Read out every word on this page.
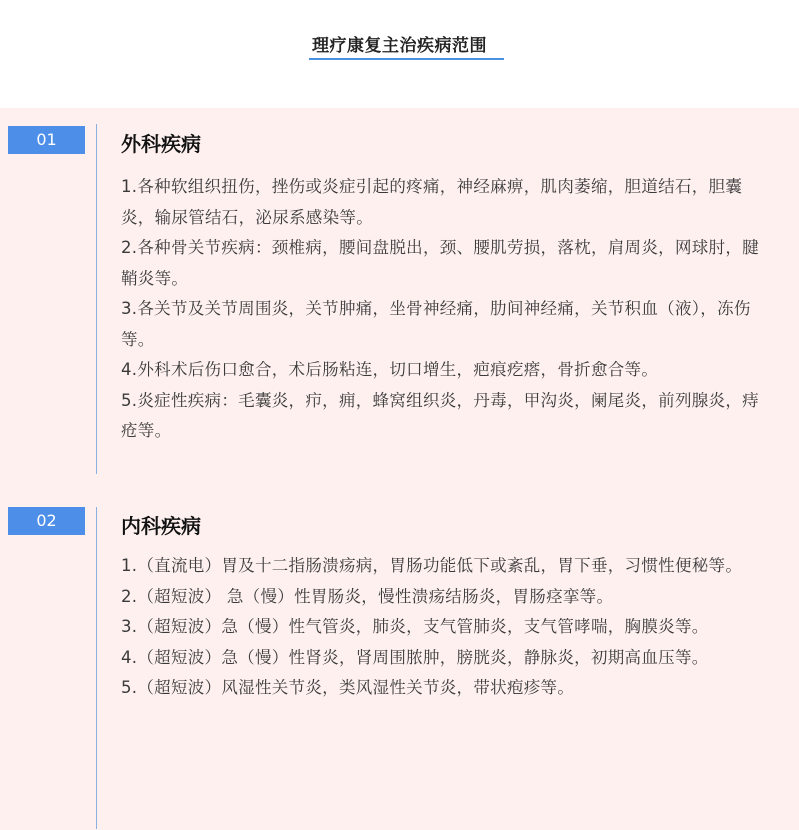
理疗康复主治疾病范围
01	外科疾病
1.各种软组织扭伤，挫伤或炎症引起的疼痛，神经麻痹，肌肉萎缩，胆道结石，胆囊炎，输尿管结石，泌尿系感染等。
2.各种骨关节疾病：颈椎病，腰间盘脱出，颈、腰肌劳损，落枕，肩周炎，网球肘，腱鞘炎等。
3.各关节及关节周围炎，关节肿痛，坐骨神经痛，肋间神经痛，关节积血（液），冻伤等。
4.外科术后伤口愈合，术后肠粘连，切口增生，疤痕疙瘩，骨折愈合等。
5.炎症性疾病：毛囊炎，疖，痈，蜂窝组织炎，丹毒，甲沟炎，阑尾炎，前列腺炎，痔疮等。
02	内科疾病
1.（直流电）胃及十二指肠溃疡病，胃肠功能低下或紊乱，胃下垂，习惯性便秘等。
2.（超短波） 急（慢）性胃肠炎，慢性溃疡结肠炎，胃肠痉挛等。
3.（超短波）急（慢）性气管炎，肺炎，支气管肺炎，支气管哮喘，胸膜炎等。
4.（超短波）急（慢）性肾炎，肾周围脓肿，膀胱炎，静脉炎，初期高血压等。
5.（超短波）风湿性关节炎，类风湿性关节炎，带状疱疹等。
